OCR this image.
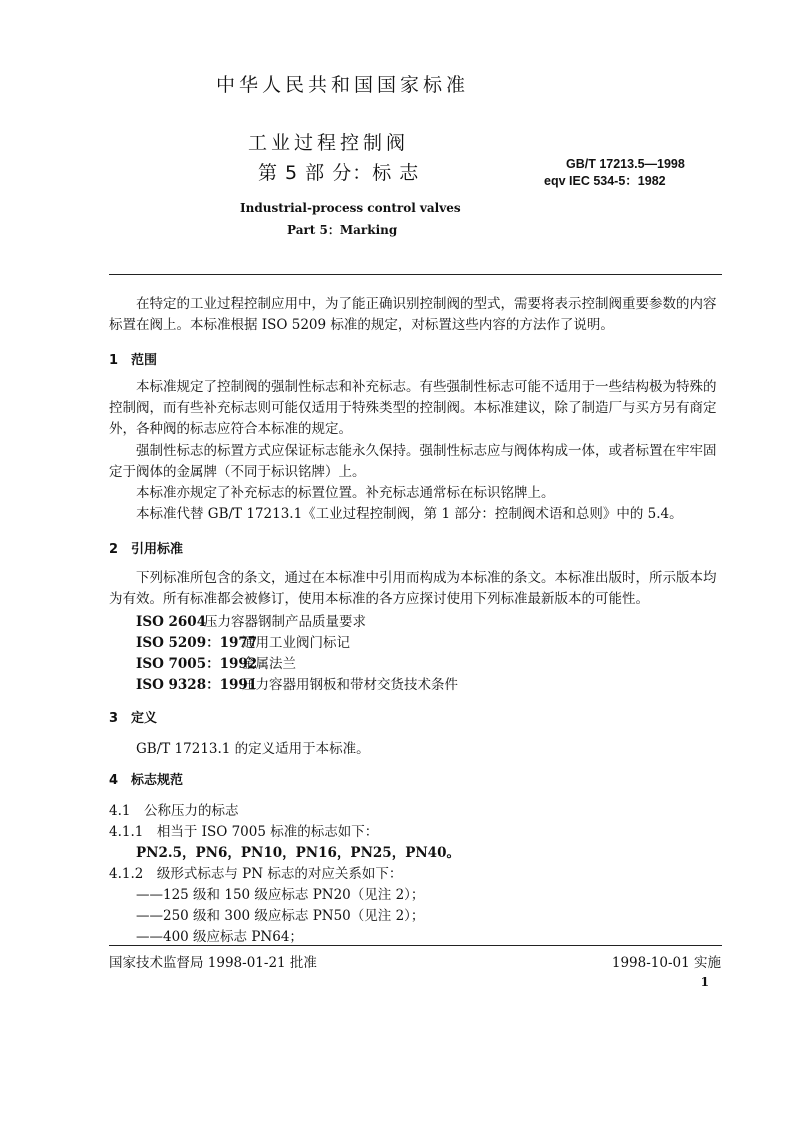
中华人民共和国国家标准
工业过程控制阀
第 5 部 分：标 志	GB/T 17213.5—1998
eqv IEC 534-5：1982
Industrial-process control valves
Part 5：Marking
在特定的工业过程控制应用中，为了能正确识别控制阀的型式，需要将表示控制阀重要参数的内容标置在阀上。本标准根据 ISO 5209 标准的规定，对标置这些内容的方法作了说明。
1　范围
本标准规定了控制阀的强制性标志和补充标志。有些强制性标志可能不适用于一些结构极为特殊的控制阀，而有些补充标志则可能仅适用于特殊类型的控制阀。本标准建议，除了制造厂与买方另有商定外，各种阀的标志应符合本标准的规定。
强制性标志的标置方式应保证标志能永久保持。强制性标志应与阀体构成一体，或者标置在牢牢固定于阀体的金属牌（不同于标识铭牌）上。
本标准亦规定了补充标志的标置位置。补充标志通常标在标识铭牌上。
本标准代替 GB/T 17213.1《工业过程控制阀，第 1 部分：控制阀术语和总则》中的 5.4。
2　引用标准
下列标准所包含的条文，通过在本标准中引用而构成为本标准的条文。本标准出版时，所示版本均为有效。所有标准都会被修订，使用本标准的各方应探讨使用下列标准最新版本的可能性。
ISO 2604压力容器钢制产品质量要求
ISO 5209：1977通用工业阀门标记
ISO 7005：1992金属法兰
ISO 9328：1991压力容器用钢板和带材交货技术条件
3　定义
GB/T 17213.1 的定义适用于本标准。
4　标志规范
4.1　公称压力的标志
4.1.1　相当于 ISO 7005 标准的标志如下：
PN2.5，PN6，PN10，PN16，PN25，PN40。
4.1.2　级形式标志与 PN 标志的对应关系如下：
——125 级和 150 级应标志 PN20（见注 2）；
——250 级和 300 级应标志 PN50（见注 2）；
——400 级应标志 PN64；
国家技术监督局 1998-01-21 批准	1998-10-01 实施
1
